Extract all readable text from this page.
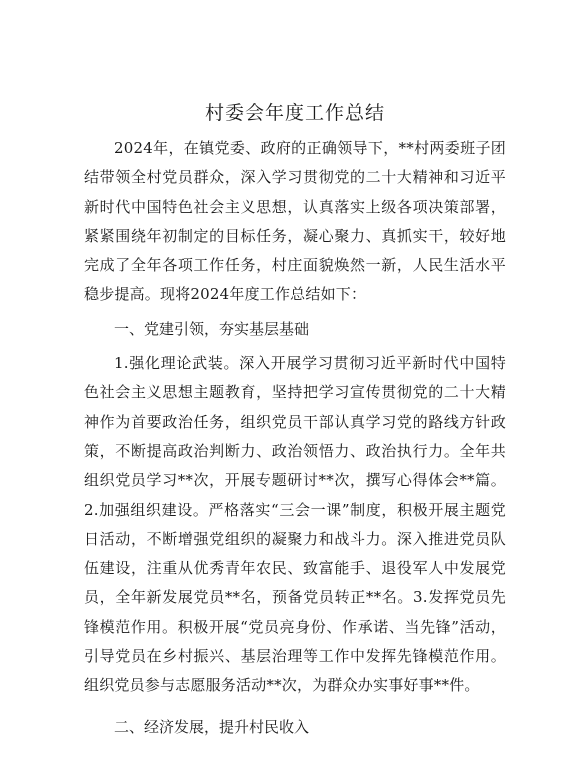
村委会年度工作总结

2024年，在镇党委、政府的正确领导下，**村两委班子团结带领全村党员群众，深入学习贯彻党的二十大精神和习近平新时代中国特色社会主义思想，认真落实上级各项决策部署，紧紧围绕年初制定的目标任务，凝心聚力、真抓实干，较好地完成了全年各项工作任务，村庄面貌焕然一新，人民生活水平稳步提高。现将2024年度工作总结如下：

一、党建引领，夯实基层基础

1.强化理论武装。深入开展学习贯彻习近平新时代中国特色社会主义思想主题教育，坚持把学习宣传贯彻党的二十大精神作为首要政治任务，组织党员干部认真学习党的路线方针政策，不断提高政治判断力、政治领悟力、政治执行力。全年共组织党员学习**次，开展专题研讨**次，撰写心得体会**篇。2.加强组织建设。严格落实“三会一课”制度，积极开展主题党日活动，不断增强党组织的凝聚力和战斗力。深入推进党员队伍建设，注重从优秀青年农民、致富能手、退役军人中发展党员，全年新发展党员**名，预备党员转正**名。3.发挥党员先锋模范作用。积极开展“党员亮身份、作承诺、当先锋”活动，引导党员在乡村振兴、基层治理等工作中发挥先锋模范作用。组织党员参与志愿服务活动**次，为群众办实事好事**件。

二、经济发展，提升村民收入
